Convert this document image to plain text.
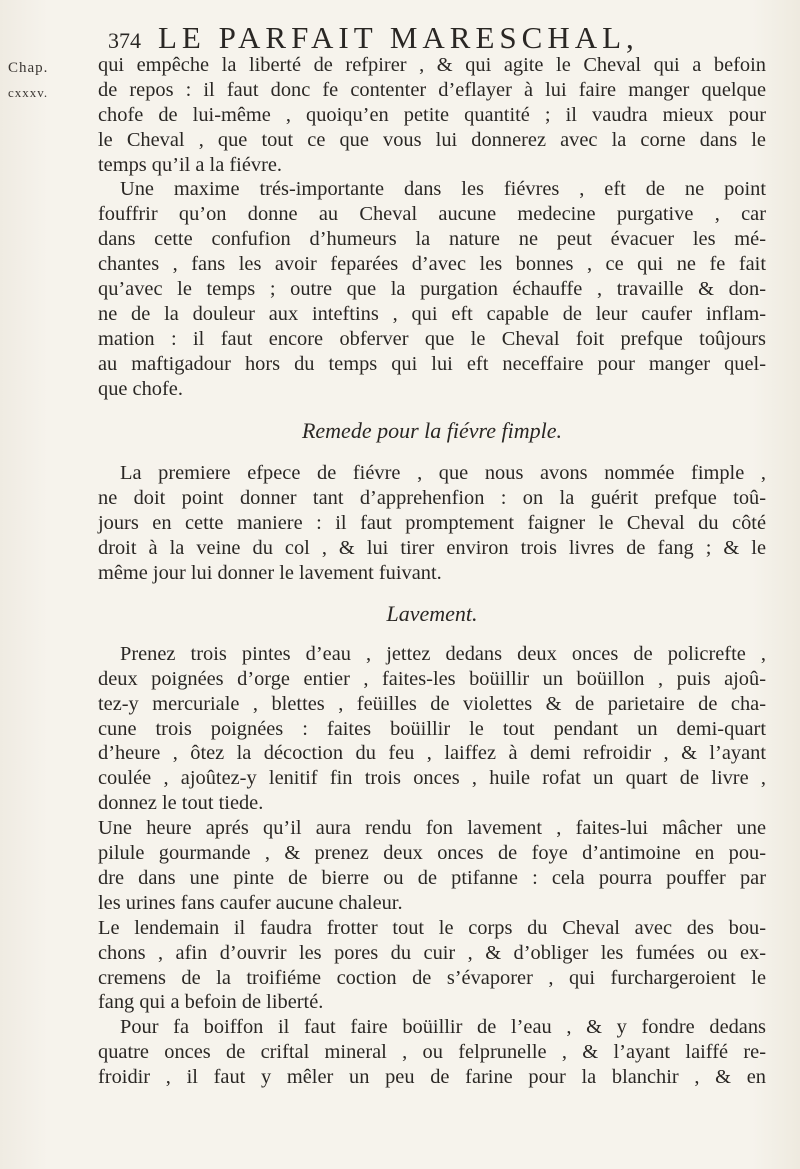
Chap.
cxxxv.
374 LE PARFAIT MARESCHAL,
qui empêche la liberté de refpirer , & qui agite le Cheval qui a befoin
de repos : il faut donc fe contenter d’eflayer à lui faire manger quelque
chofe de lui-même , quoiqu’en petite quantité ; il vaudra mieux pour
le Cheval , que tout ce que vous lui donnerez avec la corne dans le
temps qu’il a la fiévre.
Une maxime trés-importante dans les fiévres , eft de ne point
fouffrir qu’on donne au Cheval aucune medecine purgative , car
dans cette confufion d’humeurs la nature ne peut évacuer les mé-
chantes , fans les avoir feparées d’avec les bonnes , ce qui ne fe fait
qu’avec le temps ; outre que la purgation échauffe , travaille & don-
ne de la douleur aux inteftins , qui eft capable de leur caufer inflam-
mation : il faut encore obferver que le Cheval foit prefque toûjours
au maftigadour hors du temps qui lui eft neceffaire pour manger quel-
que chofe.
Remede pour la fiévre fimple.
La premiere efpece de fiévre , que nous avons nommée fimple ,
ne doit point donner tant d’apprehenfion : on la guérit prefque toû-
jours en cette maniere : il faut promptement faigner le Cheval du côté
droit à la veine du col , & lui tirer environ trois livres de fang ; & le
même jour lui donner le lavement fuivant.
Lavement.
Prenez trois pintes d’eau , jettez dedans deux onces de policrefte ,
deux poignées d’orge entier , faites-les boüillir un boüillon , puis ajoû-
tez-y mercuriale , blettes , feüilles de violettes & de parietaire de cha-
cune trois poignées : faites boüillir le tout pendant un demi-quart
d’heure , ôtez la décoction du feu , laiffez à demi refroidir , & l’ayant
coulée , ajoûtez-y lenitif fin trois onces , huile rofat un quart de livre ,
donnez le tout tiede.
Une heure aprés qu’il aura rendu fon lavement , faites-lui mâcher une
pilule gourmande , & prenez deux onces de foye d’antimoine en pou-
dre dans une pinte de bierre ou de ptifanne : cela pourra pouffer par
les urines fans caufer aucune chaleur.
Le lendemain il faudra frotter tout le corps du Cheval avec des bou-
chons , afin d’ouvrir les pores du cuir , & d’obliger les fumées ou ex-
cremens de la troifiéme coction de s’évaporer , qui furchargeroient le
fang qui a befoin de liberté.
Pour fa boiffon il faut faire boüillir de l’eau , & y fondre dedans
quatre onces de criftal mineral , ou felprunelle , & l’ayant laiffé re-
froidir , il faut y mêler un peu de farine pour la blanchir , & en
